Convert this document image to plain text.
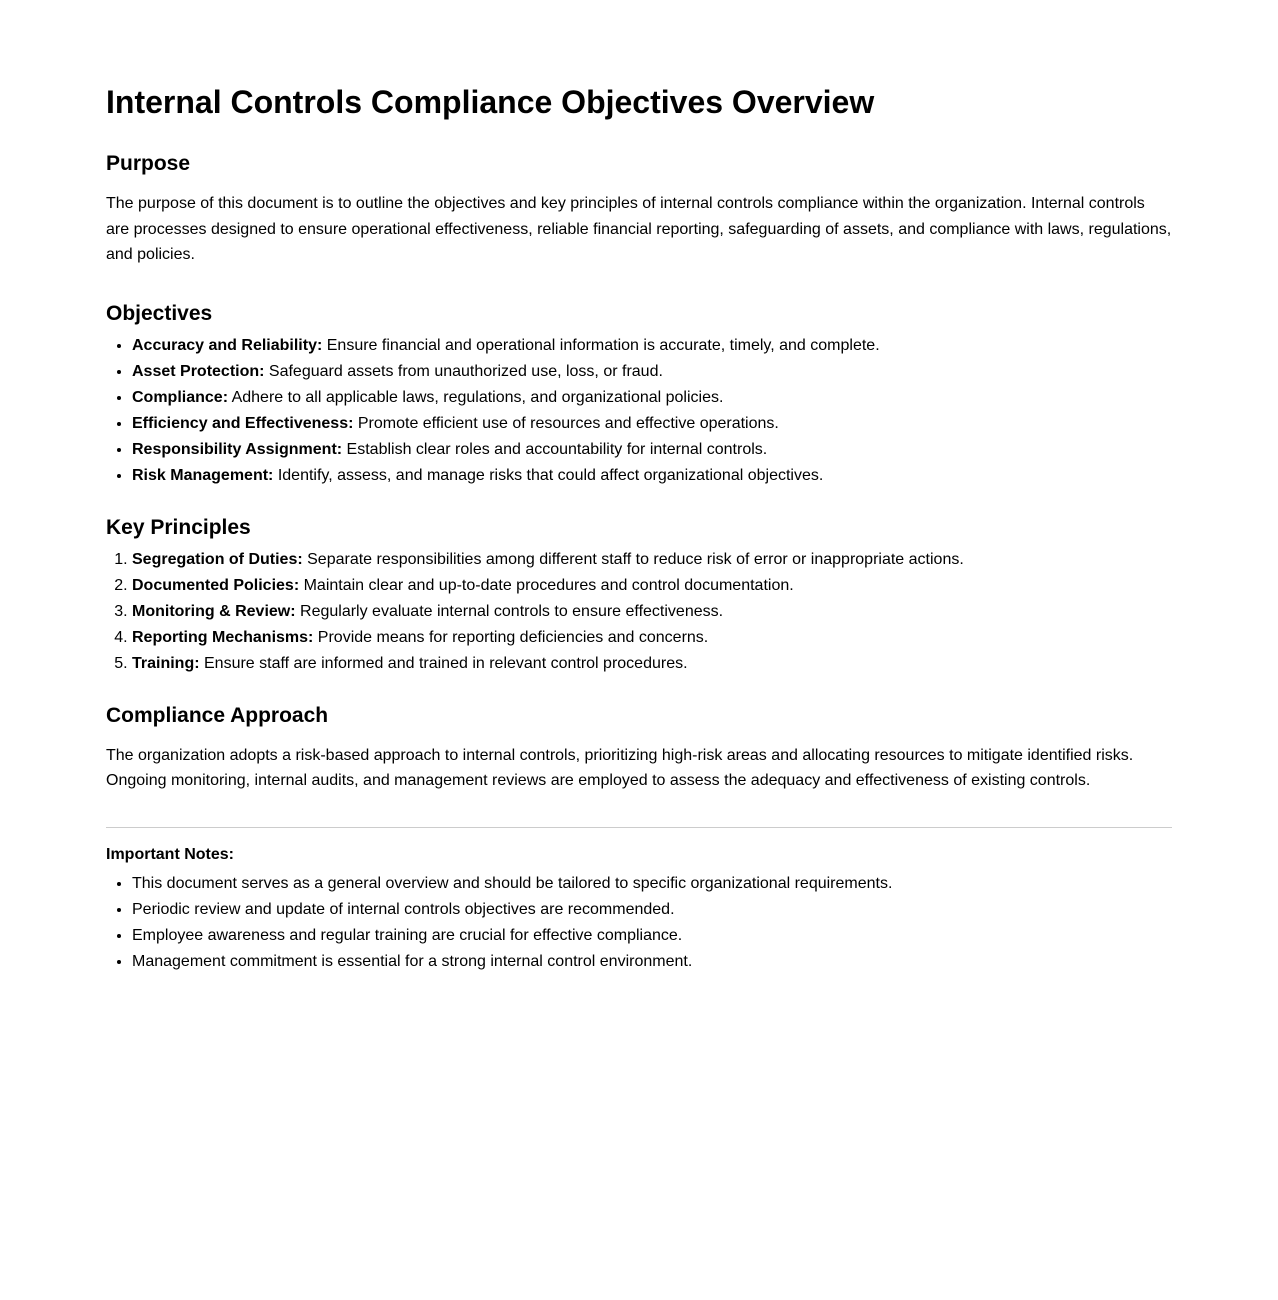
Internal Controls Compliance Objectives Overview
Purpose

The purpose of this document is to outline the objectives and key principles of internal controls compliance within the organization. Internal controls are processes designed to ensure operational effectiveness, reliable financial reporting, safeguarding of assets, and compliance with laws, regulations, and policies.

Objectives
• Accuracy and Reliability: Ensure financial and operational information is accurate, timely, and complete.
• Asset Protection: Safeguard assets from unauthorized use, loss, or fraud.
• Compliance: Adhere to all applicable laws, regulations, and organizational policies.
• Efficiency and Effectiveness: Promote efficient use of resources and effective operations.
• Responsibility Assignment: Establish clear roles and accountability for internal controls.
• Risk Management: Identify, assess, and manage risks that could affect organizational objectives.
Key Principles
1. Segregation of Duties: Separate responsibilities among different staff to reduce risk of error or inappropriate actions.
2. Documented Policies: Maintain clear and up-to-date procedures and control documentation.
3. Monitoring & Review: Regularly evaluate internal controls to ensure effectiveness.
4. Reporting Mechanisms: Provide means for reporting deficiencies and concerns.
5. Training: Ensure staff are informed and trained in relevant control procedures.
Compliance Approach

The organization adopts a risk-based approach to internal controls, prioritizing high-risk areas and allocating resources to mitigate identified risks. Ongoing monitoring, internal audits, and management reviews are employed to assess the adequacy and effectiveness of existing controls.

Important Notes:
• This document serves as a general overview and should be tailored to specific organizational requirements.
• Periodic review and update of internal controls objectives are recommended.
• Employee awareness and regular training are crucial for effective compliance.
• Management commitment is essential for a strong internal control environment.
